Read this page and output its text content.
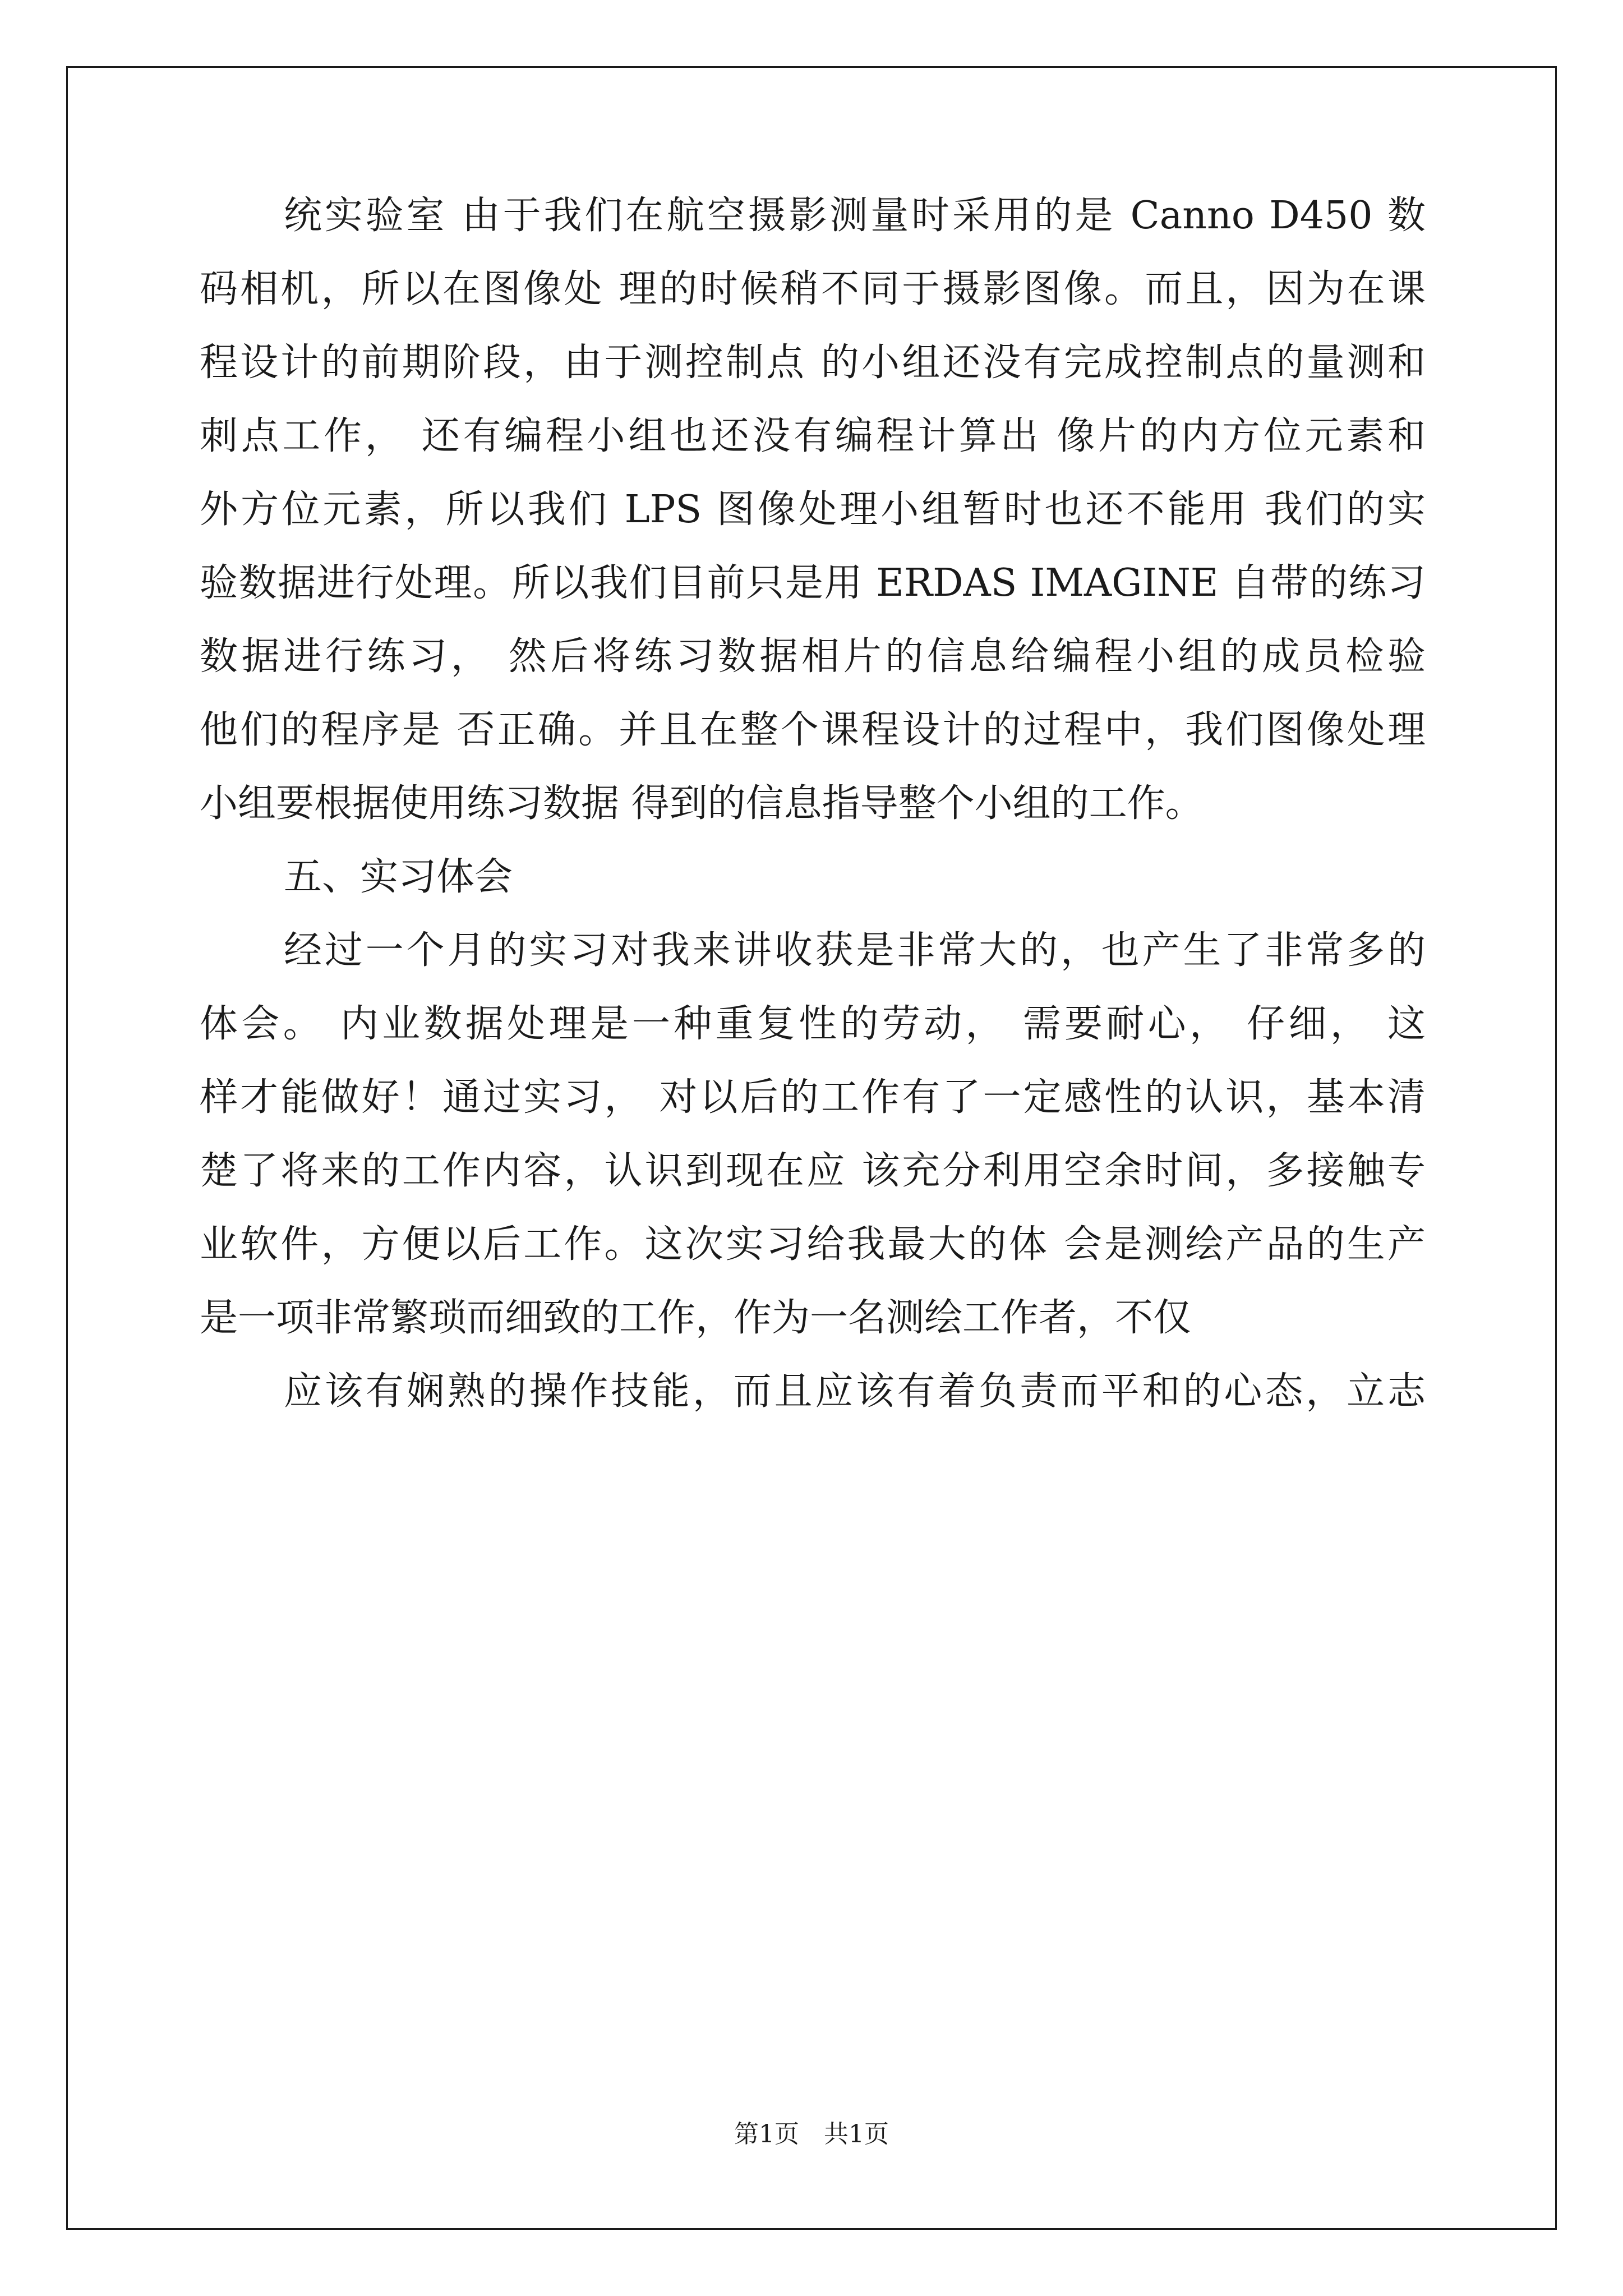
统实验室 由于我们在航空摄影测量时采用的是 Canno D450 数
码相机，所以在图像处 理的时候稍不同于摄影图像。而且，因为在课
程设计的前期阶段，由于测控制点 的小组还没有完成控制点的量测和
刺点工作， 还有编程小组也还没有编程计算出 像片的内方位元素和
外方位元素，所以我们 LPS 图像处理小组暂时也还不能用 我们的实
验数据进行处理。所以我们目前只是用 ERDAS IMAGINE 自带的练习
数据进行练习， 然后将练习数据相片的信息给编程小组的成员检验
他们的程序是 否正确。并且在整个课程设计的过程中，我们图像处理
小组要根据使用练习数据 得到的信息指导整个小组的工作。
五、实习体会
经过一个月的实习对我来讲收获是非常大的，也产生了非常多的
体会。 内业数据处理是一种重复性的劳动， 需要耐心， 仔细， 这
样才能做好！通过实习， 对以后的工作有了一定感性的认识，基本清
楚了将来的工作内容，认识到现在应 该充分利用空余时间，多接触专
业软件，方便以后工作。这次实习给我最大的体 会是测绘产品的生产
是一项非常繁琐而细致的工作，作为一名测绘工作者，不仅
应该有娴熟的操作技能，而且应该有着负责而平和的心态，立志
第1页　共1页
